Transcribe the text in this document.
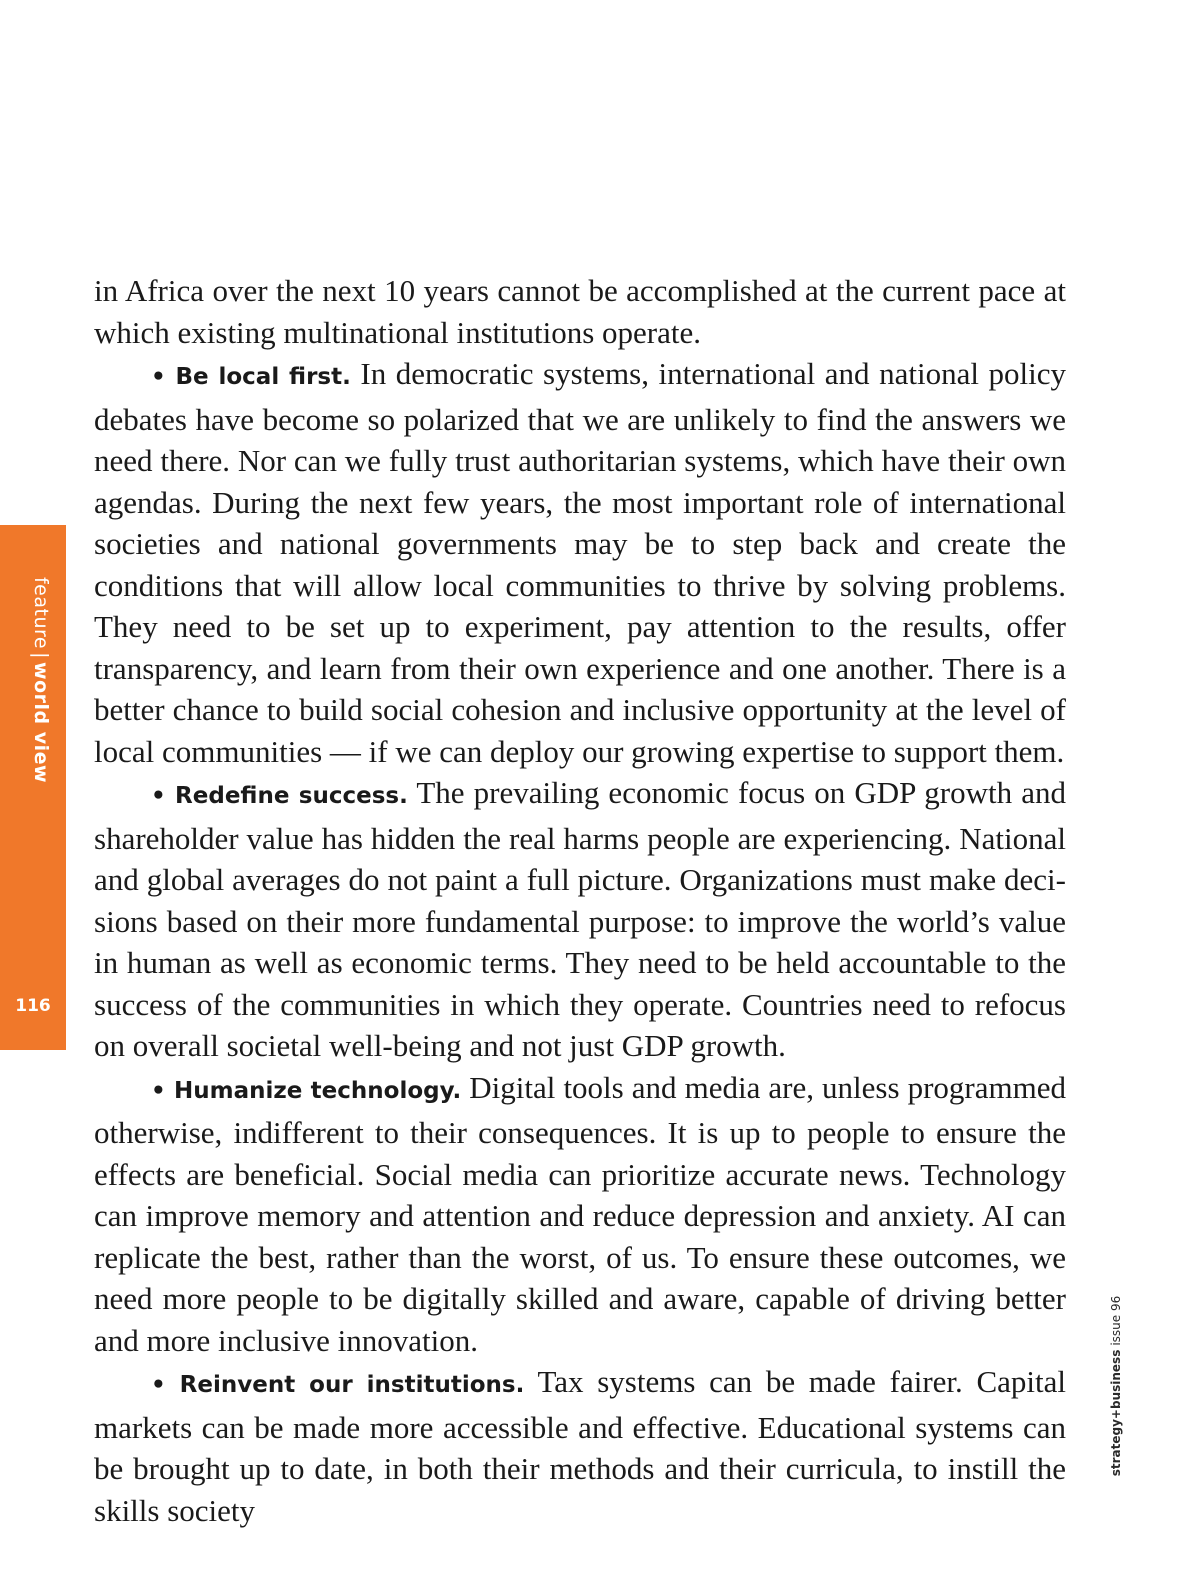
feature|world view
116
strategy+businessissue 96

in Africa over the next 10 years cannot be accomplished at the current pace at which existing multinational institutions operate.

• Be local first. In democratic systems, international and national policy debates have become so polarized that we are unlikely to find the answers we need there. Nor can we fully trust authoritarian systems, which have their own agendas. During the next few years, the most important role of international societies and national governments may be to step back and create the conditions that will allow local communities to thrive by solving problems. They need to be set up to experiment, pay attention to the results, offer transparency, and learn from their own experience and one another. There is a better chance to build social cohesion and inclusive opportunity at the level of local communities — if we can deploy our growing expertise to support them.

• Redefine success. The prevailing economic focus on GDP growth and shareholder value has hidden the real harms people are experiencing. National and global averages do not paint a full picture. Organizations must make decisions based on their more fundamental purpose: to improve the world’s value in human as well as economic terms. They need to be held accountable to the success of the communities in which they operate. Countries need to refocus on overall societal well-being and not just GDP growth.

• Humanize technology. Digital tools and media are, unless programmed otherwise, indifferent to their consequences. It is up to people to ensure the effects are beneficial. Social media can prioritize accurate news. Technology can improve memory and attention and reduce depression and anxiety. AI can replicate the best, rather than the worst, of us. To ensure these outcomes, we need more people to be digitally skilled and aware, capable of driving better and more inclusive innovation.

• Reinvent our institutions. Tax systems can be made fairer. Capital markets can be made more accessible and effective. Educational systems can be brought up to date, in both their methods and their curricula, to instill the skills society
